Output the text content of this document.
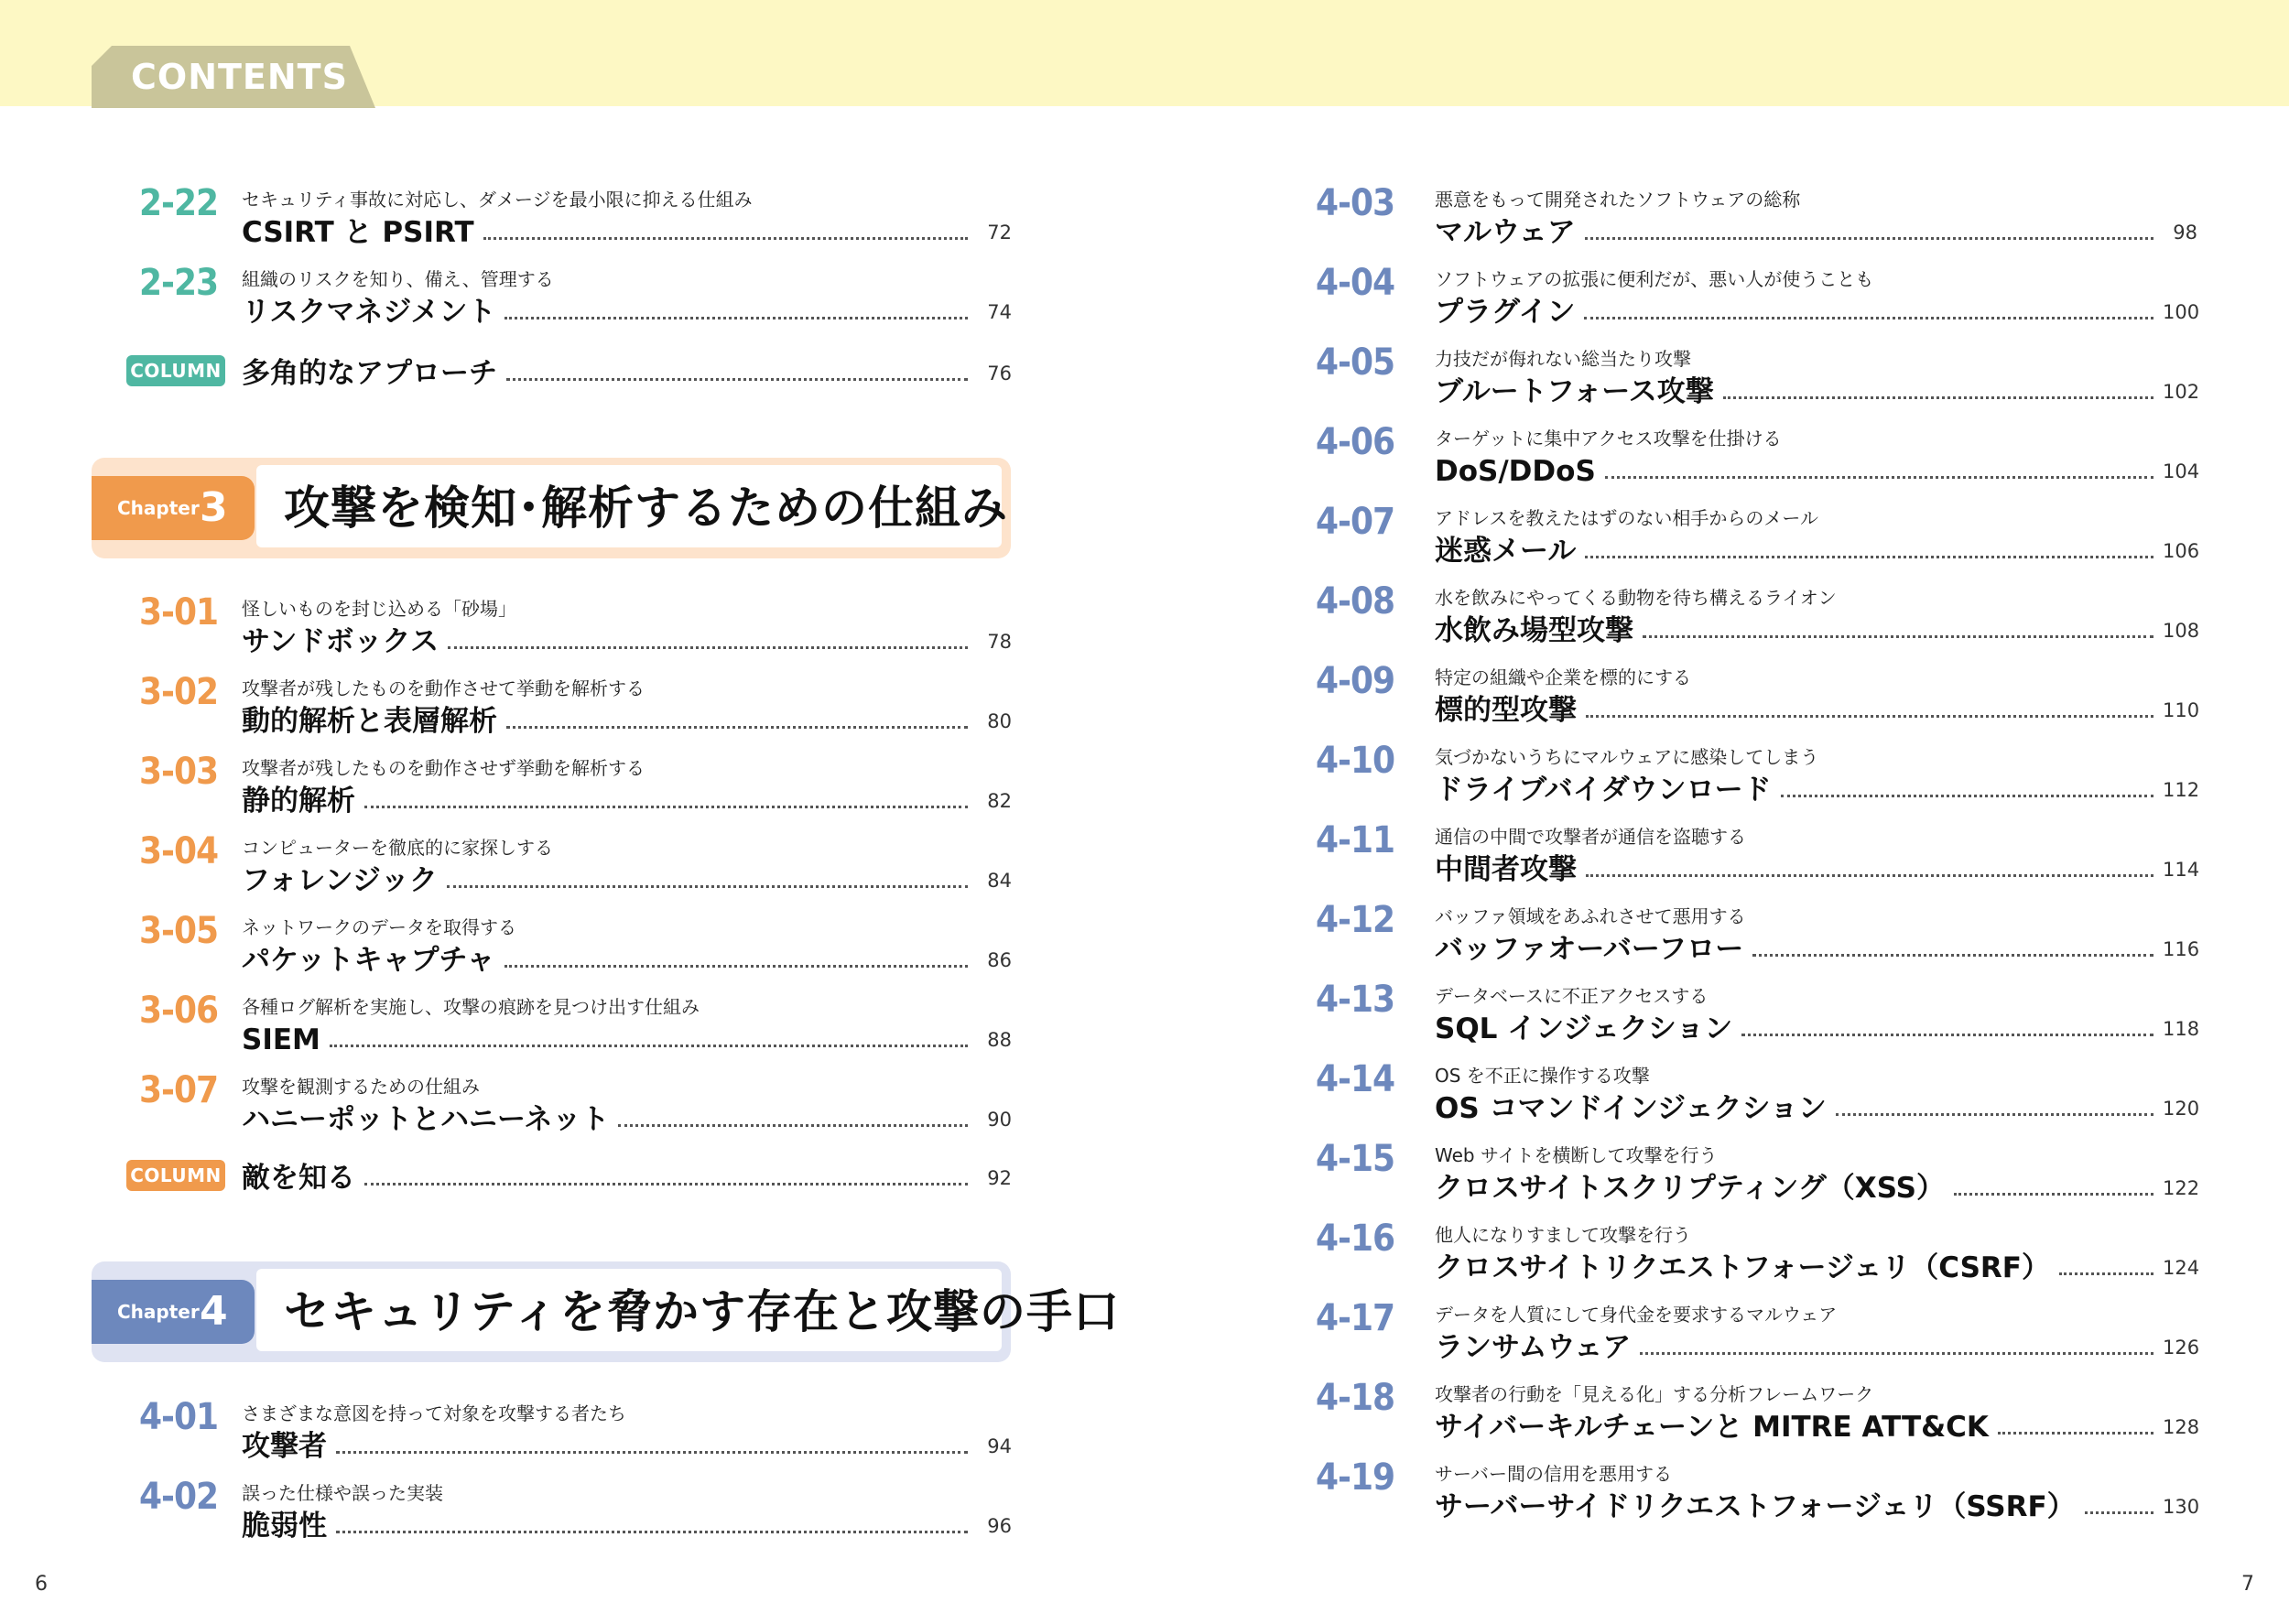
CONTENTS
2-22	セキュリティ事故に対応し、ダメージを最小限に抑える仕組み
CSIRT と PSIRT	72
2-23	組織のリスクを知り、備え、管理する
リスクマネジメント	74
COLUMN 多角的なアプローチ	76
Chapter 3 攻撃を検知･解析するための仕組み
3-01	怪しいものを封じ込める「砂場」
サンドボックス	78
3-02	攻撃者が残したものを動作させて挙動を解析する
動的解析と表層解析	80
3-03	攻撃者が残したものを動作させず挙動を解析する
静的解析	82
3-04	コンピューターを徹底的に家探しする
フォレンジック	84
3-05	ネットワークのデータを取得する
パケットキャプチャ	86
3-06	各種ログ解析を実施し、攻撃の痕跡を見つけ出す仕組み
SIEM	88
3-07	攻撃を観測するための仕組み
ハニーポットとハニーネット	90
COLUMN 敵を知る	92
Chapter 4 セキュリティを脅かす存在と攻撃の手口
4-01	さまざまな意図を持って対象を攻撃する者たち
攻撃者	94
4-02	誤った仕様や誤った実装
脆弱性	96
6
4-03	悪意をもって開発されたソフトウェアの総称
マルウェア	98
4-04	ソフトウェアの拡張に便利だが、悪い人が使うことも
プラグイン	100
4-05	力技だが侮れない総当たり攻撃
ブルートフォース攻撃	102
4-06	ターゲットに集中アクセス攻撃を仕掛ける
DoS/DDoS	104
4-07	アドレスを教えたはずのない相手からのメール
迷惑メール	106
4-08	水を飲みにやってくる動物を待ち構えるライオン
水飲み場型攻撃	108
4-09	特定の組織や企業を標的にする
標的型攻撃	110
4-10	気づかないうちにマルウェアに感染してしまう
ドライブバイダウンロード	112
4-11	通信の中間で攻撃者が通信を盗聴する
中間者攻撃	114
4-12	バッファ領域をあふれさせて悪用する
バッファオーバーフロー	116
4-13	データベースに不正アクセスする
SQL インジェクション	118
4-14	OS を不正に操作する攻撃
OS コマンドインジェクション	120
4-15	Web サイトを横断して攻撃を行う
クロスサイトスクリプティング（XSS）	122
4-16	他人になりすまして攻撃を行う
クロスサイトリクエストフォージェリ（CSRF）	124
4-17	データを人質にして身代金を要求するマルウェア
ランサムウェア	126
4-18	攻撃者の行動を「見える化」する分析フレームワーク
サイバーキルチェーンと MITRE ATT&CK	128
4-19	サーバー間の信用を悪用する
サーバーサイドリクエストフォージェリ（SSRF）	130
7
